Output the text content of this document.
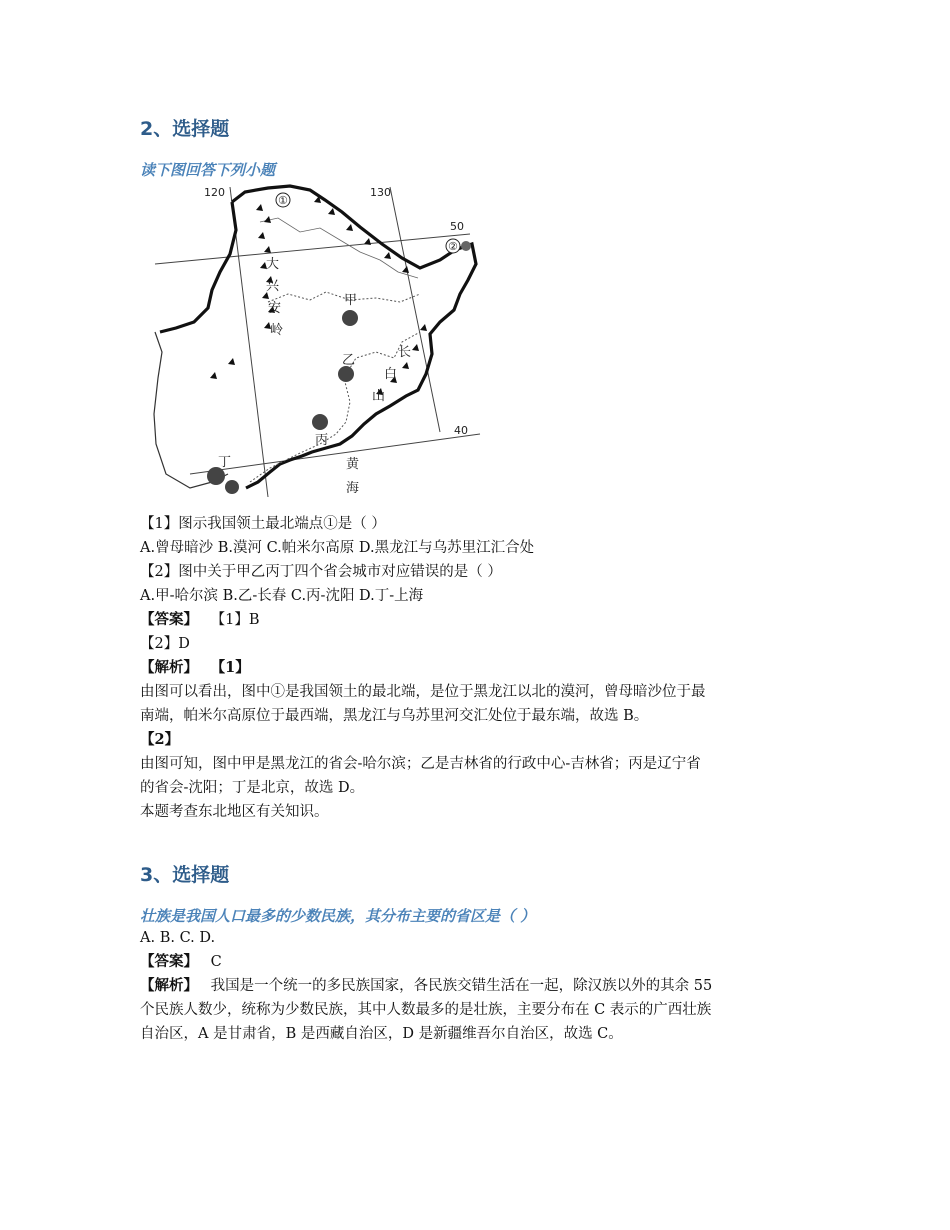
2、选择题
读下图回答下列小题
①
②
120	130
50
40
大
兴
安
岭
甲
乙
丙
丁
长
白
山
黄
海
【1】图示我国领土最北端点①是（ ）
A.曾母暗沙 B.漠河 C.帕米尔高原 D.黑龙江与乌苏里江汇合处
【2】图中关于甲乙丙丁四个省会城市对应错误的是（ ）
A.甲-哈尔滨 B.乙-长春 C.丙-沈阳 D.丁-上海
【答案】 【1】B
【2】D
【解析】 【1】
由图可以看出，图中①是我国领土的最北端，是位于黑龙江以北的漠河，曾母暗沙位于最
南端，帕米尔高原位于最西端，黑龙江与乌苏里河交汇处位于最东端，故选 B。
【2】
由图可知，图中甲是黑龙江的省会-哈尔滨；乙是吉林省的行政中心-吉林省；丙是辽宁省
的省会-沈阳；丁是北京，故选 D。
本题考查东北地区有关知识。
3、选择题
壮族是我国人口最多的少数民族，其分布主要的省区是（ ）
A. B. C. D.
【答案】 C
【解析】 我国是一个统一的多民族国家，各民族交错生活在一起，除汉族以外的其余 55
个民族人数少，统称为少数民族，其中人数最多的是壮族，主要分布在 C 表示的广西壮族
自治区，A 是甘肃省，B 是西藏自治区，D 是新疆维吾尔自治区，故选 C。
